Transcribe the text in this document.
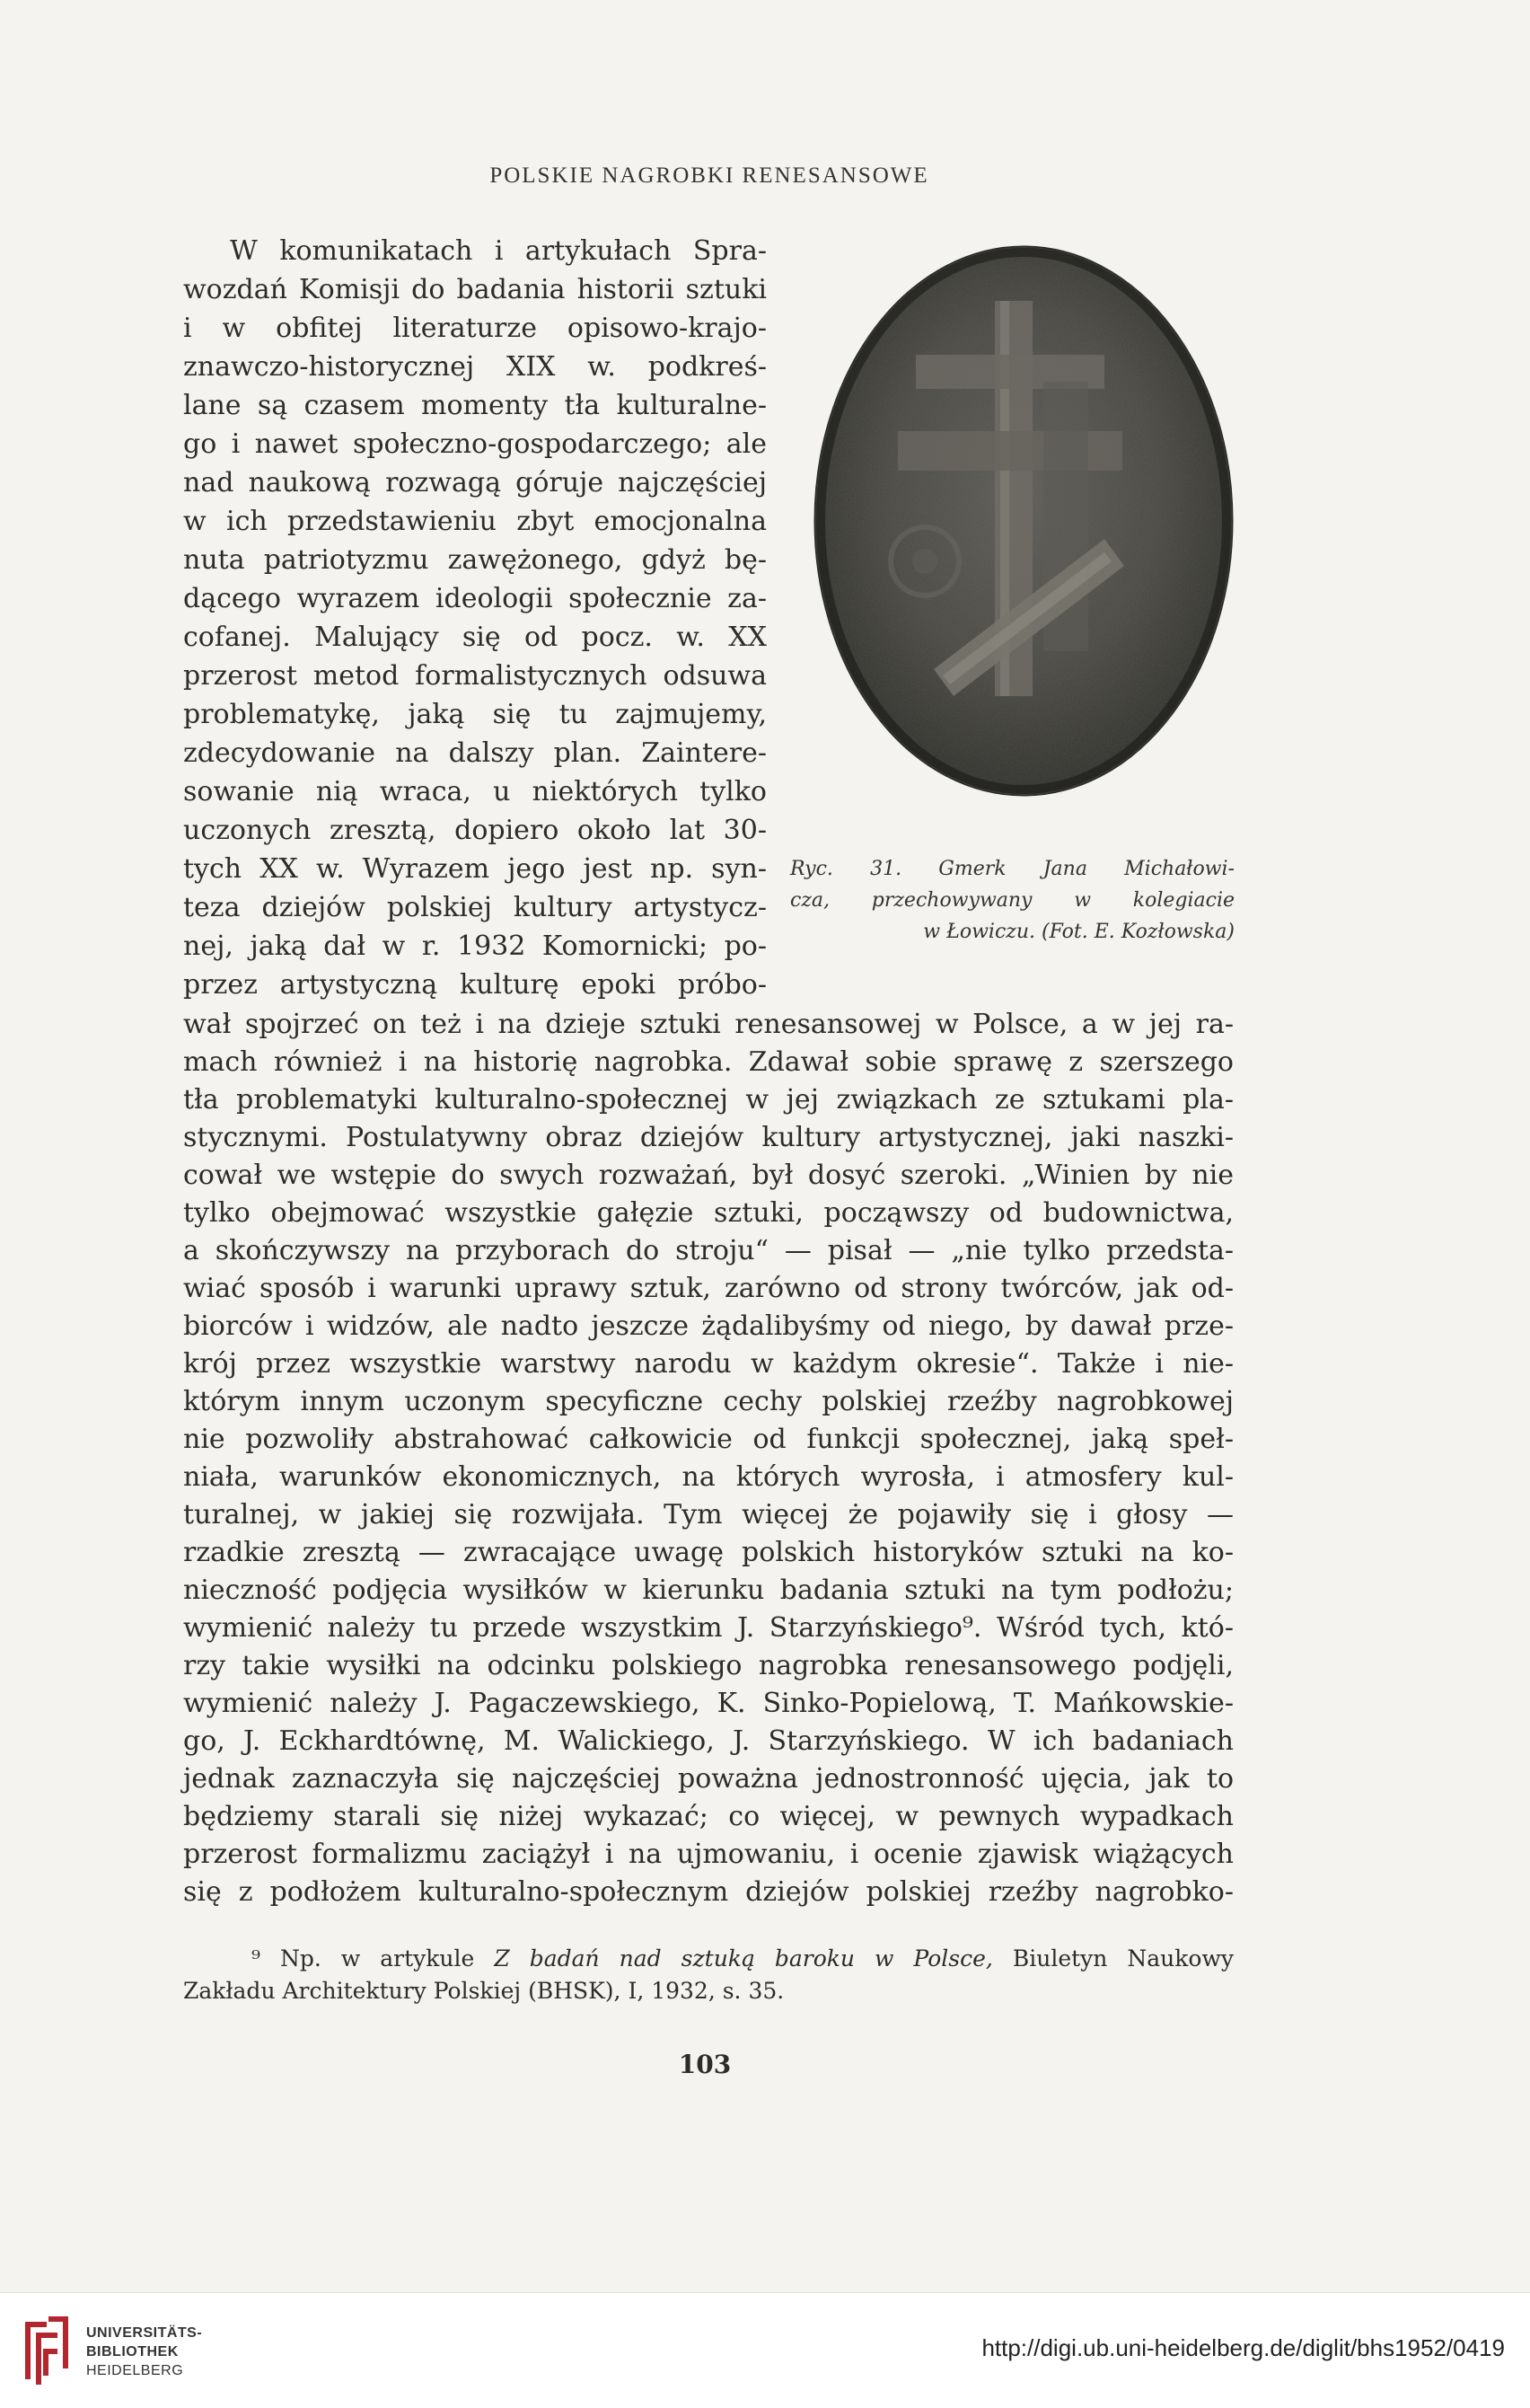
POLSKIE NAGROBKI RENESANSOWE
W komunikatach i artykułach Spra-
wozdań Komisji do badania historii sztuki
i w obfitej literaturze opisowo-krajo-
znawczo-historycznej XIX w. podkreś-
lane są czasem momenty tła kulturalne-
go i nawet społeczno-gospodarczego; ale
nad naukową rozwagą góruje najczęściej
w ich przedstawieniu zbyt emocjonalna
nuta patriotyzmu zawężonego, gdyż bę-
dącego wyrazem ideologii społecznie za-
cofanej. Malujący się od pocz. w. XX
przerost metod formalistycznych odsuwa
problematykę, jaką się tu zajmujemy,
zdecydowanie na dalszy plan. Zaintere-
sowanie nią wraca, u niektórych tylko
uczonych zresztą, dopiero około lat 30-
tych XX w. Wyrazem jego jest np. syn-
teza dziejów polskiej kultury artystycz-
nej, jaką dał w r. 1932 Komornicki; po-
przez artystyczną kulturę epoki próbo-
Ryc. 31. Gmerk Jana Michałowi-
cza, przechowywany w kolegiacie
w Łowiczu. (Fot. E. Kozłowska)
wał spojrzeć on też i na dzieje sztuki renesansowej w Polsce, a w jej ra-
mach również i na historię nagrobka. Zdawał sobie sprawę z szerszego
tła problematyki kulturalno-społecznej w jej związkach ze sztukami pla-
stycznymi. Postulatywny obraz dziejów kultury artystycznej, jaki naszki-
cował we wstępie do swych rozważań, był dosyć szeroki. „Winien by nie
tylko obejmować wszystkie gałęzie sztuki, począwszy od budownictwa,
a skończywszy na przyborach do stroju“ — pisał — „nie tylko przedsta-
wiać sposób i warunki uprawy sztuk, zarówno od strony twórców, jak od-
biorców i widzów, ale nadto jeszcze żądalibyśmy od niego, by dawał prze-
krój przez wszystkie warstwy narodu w każdym okresie“. Także i nie-
którym innym uczonym specyficzne cechy polskiej rzeźby nagrobkowej
nie pozwoliły abstrahować całkowicie od funkcji społecznej, jaką speł-
niała, warunków ekonomicznych, na których wyrosła, i atmosfery kul-
turalnej, w jakiej się rozwijała. Tym więcej że pojawiły się i głosy —
rzadkie zresztą — zwracające uwagę polskich historyków sztuki na ko-
nieczność podjęcia wysiłków w kierunku badania sztuki na tym podłożu;
wymienić należy tu przede wszystkim J. Starzyńskiego⁹. Wśród tych, któ-
rzy takie wysiłki na odcinku polskiego nagrobka renesansowego podjęli,
wymienić należy J. Pagaczewskiego, K. Sinko-Popielową, T. Mańkowskie-
go, J. Eckhardtównę, M. Walickiego, J. Starzyńskiego. W ich badaniach
jednak zaznaczyła się najczęściej poważna jednostronność ujęcia, jak to
będziemy starali się niżej wykazać; co więcej, w pewnych wypadkach
przerost formalizmu zaciążył i na ujmowaniu, i ocenie zjawisk wiążących
się z podłożem kulturalno-społecznym dziejów polskiej rzeźby nagrobko-
⁹ Np. w artykule Z badań nad sztuką baroku w Polsce, Biuletyn Naukowy
Zakładu Architektury Polskiej (BHSK), I, 1932, s. 35.
103
UNIVERSITÄTS-
BIBLIOTHEK
HEIDELBERG
http://digi.ub.uni-heidelberg.de/diglit/bhs1952/0419
